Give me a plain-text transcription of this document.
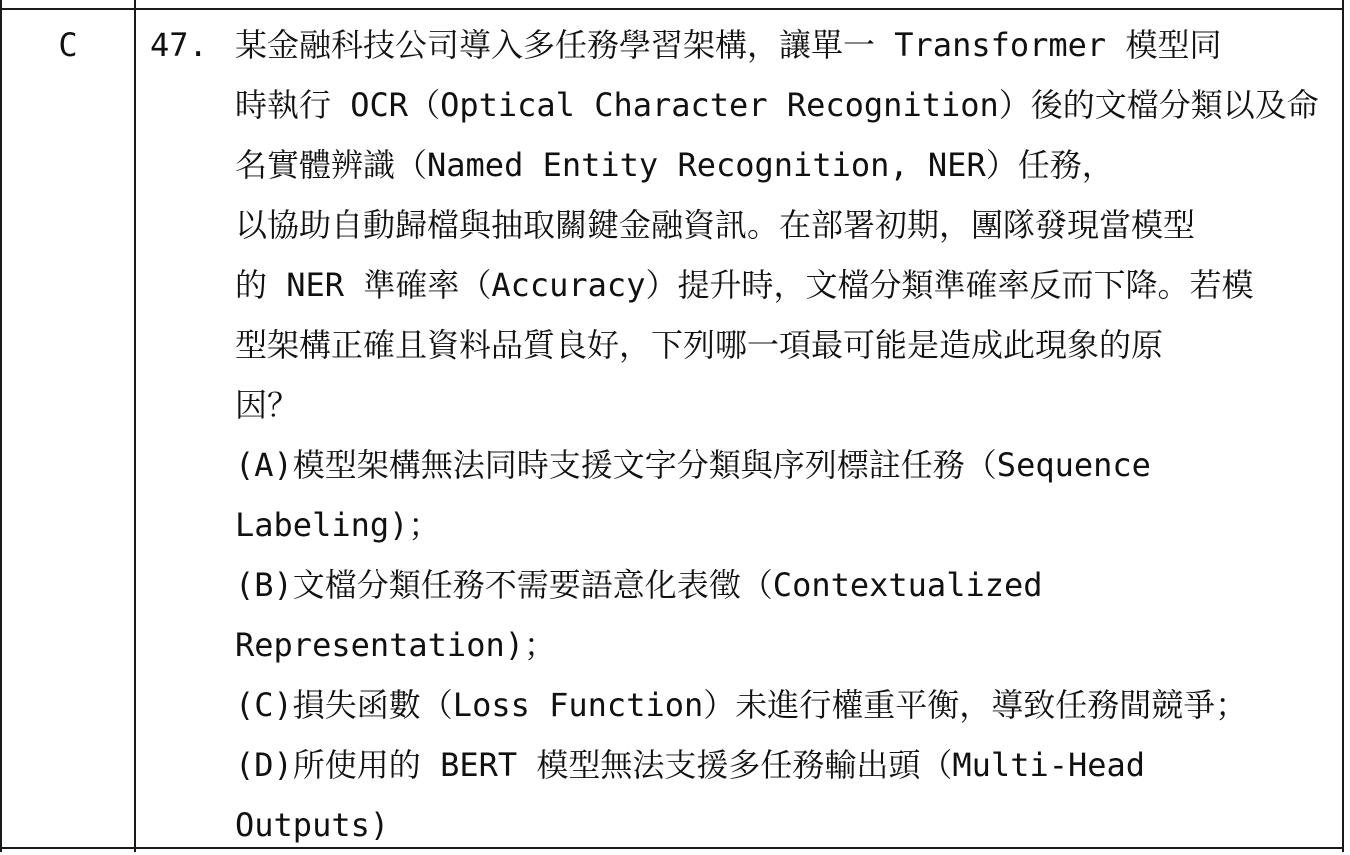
C	47. 某金融科技公司導入多任務學習架構，讓單一 Transformer 模型同
時執行 OCR（Optical Character Recognition）後的文檔分類以及命
名實體辨識（Named Entity Recognition, NER）任務，
以協助自動歸檔與抽取關鍵金融資訊。在部署初期，團隊發現當模型
的 NER 準確率（Accuracy）提升時，文檔分類準確率反而下降。若模
型架構正確且資料品質良好，下列哪一項最可能是造成此現象的原
因？
(A)模型架構無法同時支援文字分類與序列標註任務（Sequence
Labeling)；
(B)文檔分類任務不需要語意化表徵（Contextualized
Representation)；
(C)損失函數（Loss Function）未進行權重平衡，導致任務間競爭；
(D)所使用的 BERT 模型無法支援多任務輸出頭（Multi-Head
Outputs)
